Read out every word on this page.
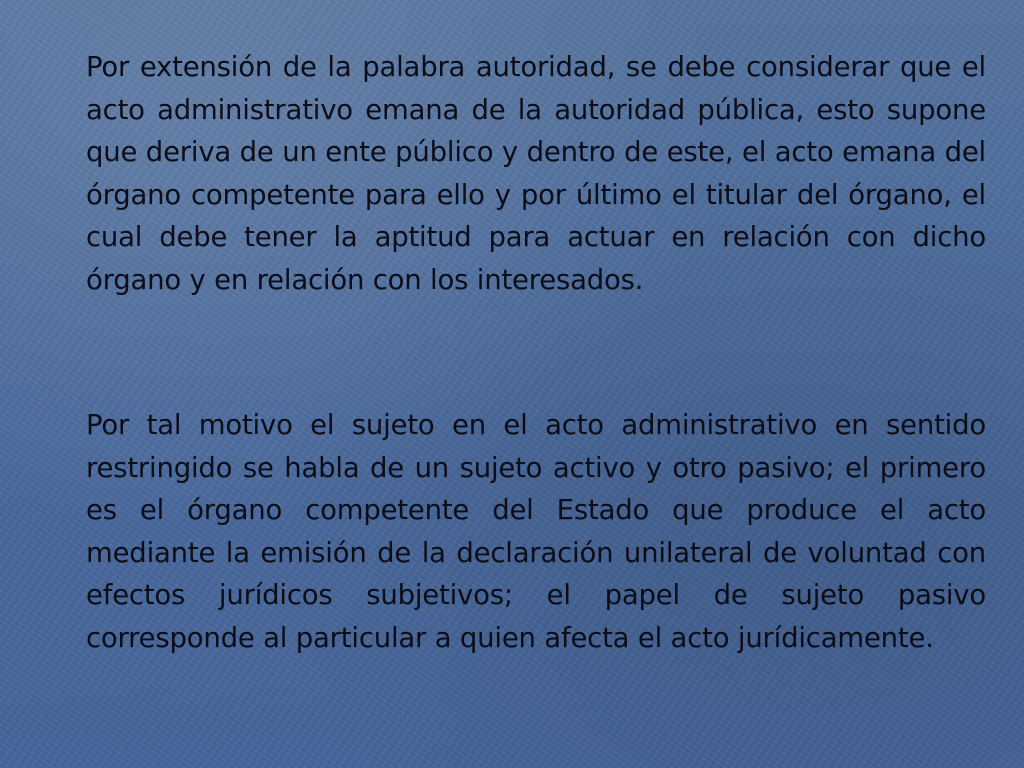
Por extensión de la palabra autoridad, se debe considerar que el acto administrativo emana de la autoridad pública, esto supone que deriva de un ente público y dentro de este, el acto emana del órgano competente para ello y por último el titular del órgano, el cual debe tener la aptitud para actuar en relación con dicho órgano y en relación con los interesados.

Por tal motivo el sujeto en el acto administrativo en sentido restringido se habla de un sujeto activo y otro pasivo; el primero es el órgano competente del Estado que produce el acto mediante la emisión de la declaración unilateral de voluntad con efectos jurídicos subjetivos; el papel de sujeto pasivo corresponde al particular a quien afecta el acto jurídicamente.
